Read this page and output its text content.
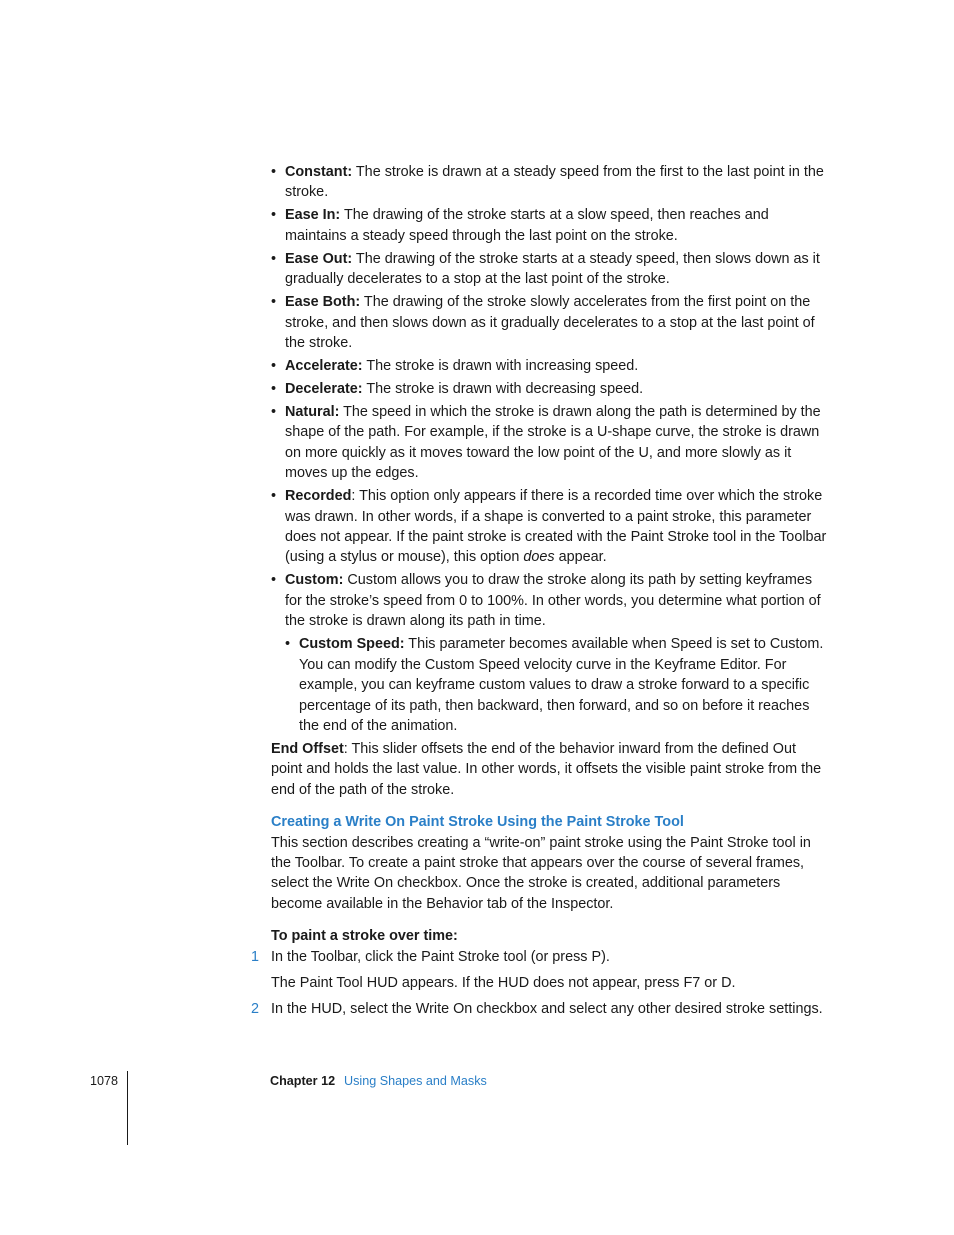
• Constant: The stroke is drawn at a steady speed from the first to the last point in the stroke.
• Ease In: The drawing of the stroke starts at a slow speed, then reaches and maintains a steady speed through the last point on the stroke.
• Ease Out: The drawing of the stroke starts at a steady speed, then slows down as it gradually decelerates to a stop at the last point of the stroke.
• Ease Both: The drawing of the stroke slowly accelerates from the first point on the stroke, and then slows down as it gradually decelerates to a stop at the last point of the stroke.
• Accelerate: The stroke is drawn with increasing speed.
• Decelerate: The stroke is drawn with decreasing speed.
• Natural: The speed in which the stroke is drawn along the path is determined by the shape of the path. For example, if the stroke is a U-shape curve, the stroke is drawn on more quickly as it moves toward the low point of the U, and more slowly as it moves up the edges.
• Recorded: This option only appears if there is a recorded time over which the stroke was drawn. In other words, if a shape is converted to a paint stroke, this parameter does not appear. If the paint stroke is created with the Paint Stroke tool in the Toolbar (using a stylus or mouse), this option does appear.
• Custom: Custom allows you to draw the stroke along its path by setting keyframes for the stroke’s speed from 0 to 100%. In other words, you determine what portion of the stroke is drawn along its path in time.
• Custom Speed: This parameter becomes available when Speed is set to Custom. You can modify the Custom Speed velocity curve in the Keyframe Editor. For example, you can keyframe custom values to draw a stroke forward to a specific percentage of its path, then backward, then forward, and so on before it reaches the end of the animation.

End Offset: This slider offsets the end of the behavior inward from the defined Out point and holds the last value. In other words, it offsets the visible paint stroke from the end of the path of the stroke.

Creating a Write On Paint Stroke Using the Paint Stroke Tool

This section describes creating a “write-on” paint stroke using the Paint Stroke tool in the Toolbar. To create a paint stroke that appears over the course of several frames, select the Write On checkbox. Once the stroke is created, additional parameters become available in the Behavior tab of the Inspector.

To paint a stroke over time:
1 In the Toolbar, click the Paint Stroke tool (or press P).
The Paint Tool HUD appears. If the HUD does not appear, press F7 or D.
2 In the HUD, select the Write On checkbox and select any other desired stroke settings.
1078	Chapter 12 Using Shapes and Masks
